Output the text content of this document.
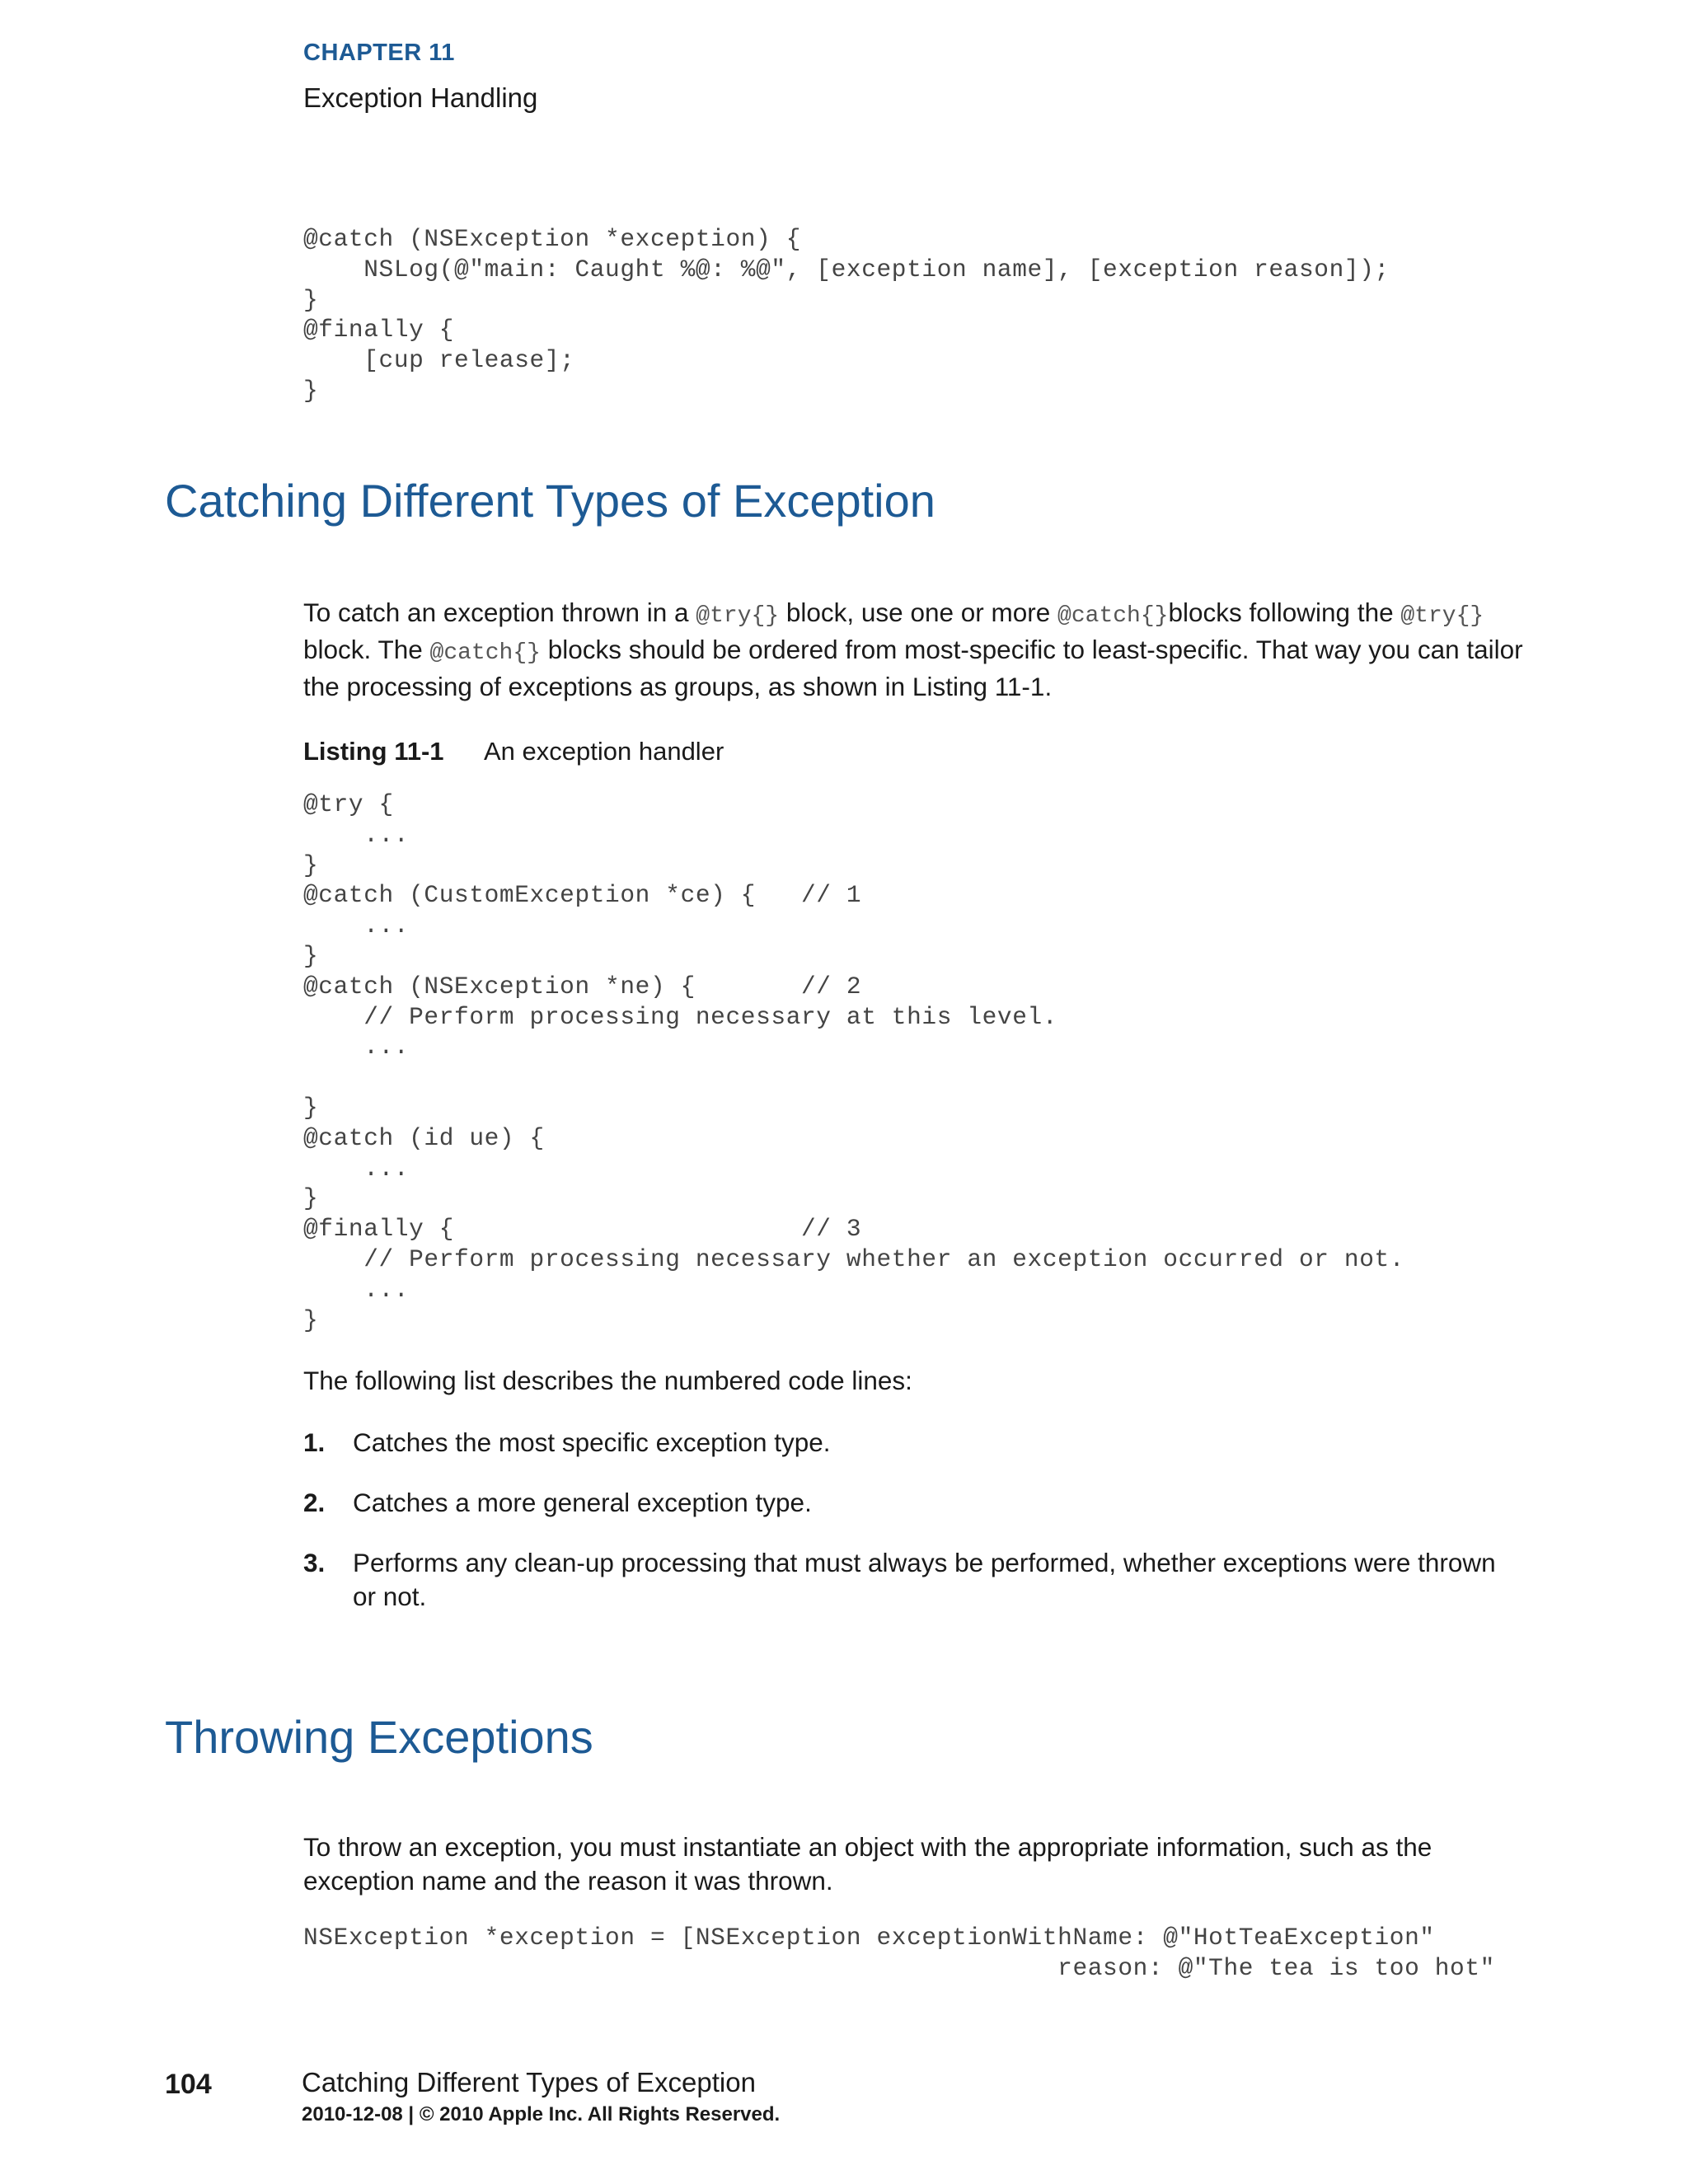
CHAPTER 11
Exception Handling
@catch (NSException *exception) {
NSLog(@"main: Caught %@: %@", [exception name], [exception reason]);
}
@finally {
[cup release];
}
Catching Different Types of Exception

To catch an exception thrown in a @try{} block, use one or more @catch{}blocks following the @try{} block. The @catch{} blocks should be ordered from most-specific to least-specific. That way you can tailor the processing of exceptions as groups, as shown in Listing 11-1.

Listing 11-1 An exception handler
@try {
...
}
@catch (CustomException *ce) {   // 1
...
}
@catch (NSException *ne) {       // 2
// Perform processing necessary at this level.
...
}
@catch (id ue) {
...
}
@finally {                       // 3
// Perform processing necessary whether an exception occurred or not.
...
}
The following list describes the numbered code lines:
1. Catches the most specific exception type.
2. Catches a more general exception type.
3. Performs any clean-up processing that must always be performed, whether exceptions were thrown or not.
Throwing Exceptions

To throw an exception, you must instantiate an object with the appropriate information, such as the exception name and the reason it was thrown.

NSException *exception = [NSException exceptionWithName: @"HotTeaException"
reason: @"The tea is too hot"
104	Catching Different Types of Exception
2010-12-08 | © 2010 Apple Inc. All Rights Reserved.
